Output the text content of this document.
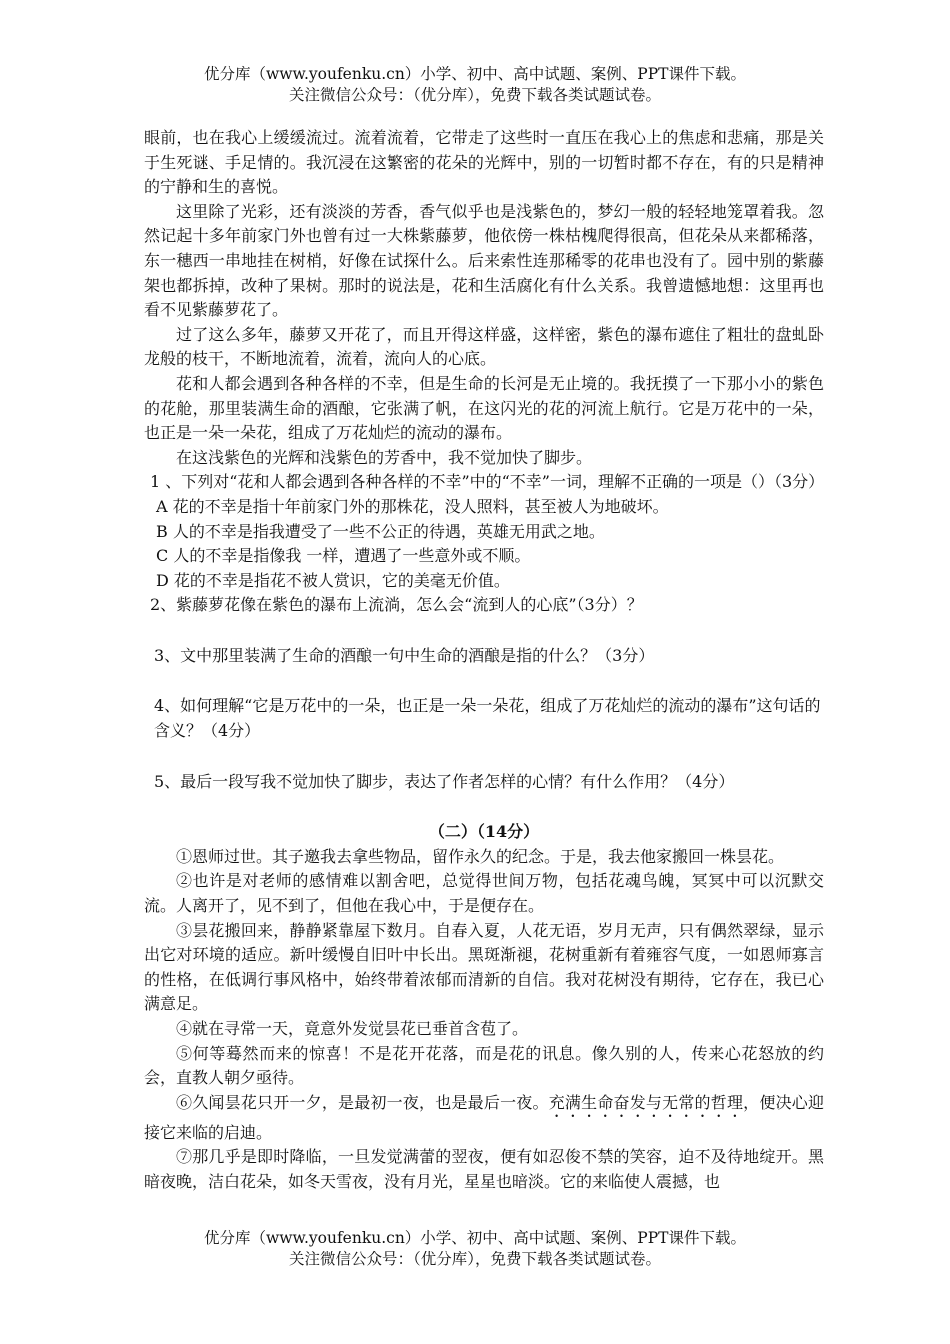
优分库（www.youfenku.cn）小学、初中、高中试题、案例、PPT课件下载。
关注微信公众号：（优分库），免费下载各类试题试卷。

眼前，也在我心上缓缓流过。流着流着，它带走了这些时一直压在我心上的焦虑和悲痛，那是关于生死谜、手足情的。我沉浸在这繁密的花朵的光辉中，别的一切暂时都不存在，有的只是精神的宁静和生的喜悦。

这里除了光彩，还有淡淡的芳香，香气似乎也是浅紫色的，梦幻一般的轻轻地笼罩着我。忽然记起十多年前家门外也曾有过一大株紫藤萝，他依傍一株枯槐爬得很高，但花朵从来都稀落，东一穗西一串地挂在树梢，好像在试探什么。后来索性连那稀零的花串也没有了。园中别的紫藤架也都拆掉，改种了果树。那时的说法是，花和生活腐化有什么关系。我曾遗憾地想：这里再也看不见紫藤萝花了。

过了这么多年，藤萝又开花了，而且开得这样盛，这样密，紫色的瀑布遮住了粗壮的盘虬卧龙般的枝干，不断地流着，流着，流向人的心底。

花和人都会遇到各种各样的不幸，但是生命的长河是无止境的。我抚摸了一下那小小的紫色的花舱，那里装满生命的酒酿，它张满了帆，在这闪光的花的河流上航行。它是万花中的一朵，也正是一朵一朵花，组成了万花灿烂的流动的瀑布。

在这浅紫色的光辉和浅紫色的芳香中，我不觉加快了脚步。

1 、下列对“花和人都会遇到各种各样的不幸”中的“不幸”一词，理解不正确的一项是（）（3分）

A 花的不幸是指十年前家门外的那株花，没人照料，甚至被人为地破坏。

B 人的不幸是指我遭受了一些不公正的待遇，英雄无用武之地。

C 人的不幸是指像我 一样，遭遇了一些意外或不顺。

D 花的不幸是指花不被人赏识，它的美毫无价值。

2、紫藤萝花像在紫色的瀑布上流淌，怎么会“流到人的心底”（3分）？

3、文中那里装满了生命的酒酿一句中生命的酒酿是指的什么？（3分）

4、如何理解“它是万花中的一朵，也正是一朵一朵花，组成了万花灿烂的流动的瀑布”这句话的含义？（4分）

5、最后一段写我不觉加快了脚步，表达了作者怎样的心情？有什么作用？（4分）

（二）（14分）

①恩师过世。其子邀我去拿些物品，留作永久的纪念。于是，我去他家搬回一株昙花。

②也许是对老师的感情难以割舍吧，总觉得世间万物，包括花魂鸟魄，冥冥中可以沉默交流。人离开了，见不到了，但他在我心中，于是便存在。

③昙花搬回来，静静紧靠屋下数月。自春入夏，人花无语，岁月无声，只有偶然翠绿，显示出它对环境的适应。新叶缓慢自旧叶中长出。黑斑渐褪，花树重新有着雍容气度，一如恩师寡言的性格，在低调行事风格中，始终带着浓郁而清新的自信。我对花树没有期待，它存在，我已心满意足。

④就在寻常一天，竟意外发觉昙花已垂首含苞了。

⑤何等蓦然而来的惊喜！不是花开花落，而是花的讯息。像久别的人，传来心花怒放的约会，直教人朝夕亟待。

⑥久闻昙花只开一夕，是最初一夜，也是最后一夜。充满生命奋发与无常的哲理，便决心迎接它来临的启迪。

⑦那几乎是即时降临，一旦发觉满蕾的翌夜，便有如忍俊不禁的笑容，迫不及待地绽开。黑暗夜晚，洁白花朵，如冬天雪夜，没有月光，星星也暗淡。它的来临使人震撼，也

优分库（www.youfenku.cn）小学、初中、高中试题、案例、PPT课件下载。
关注微信公众号：（优分库），免费下载各类试题试卷。
